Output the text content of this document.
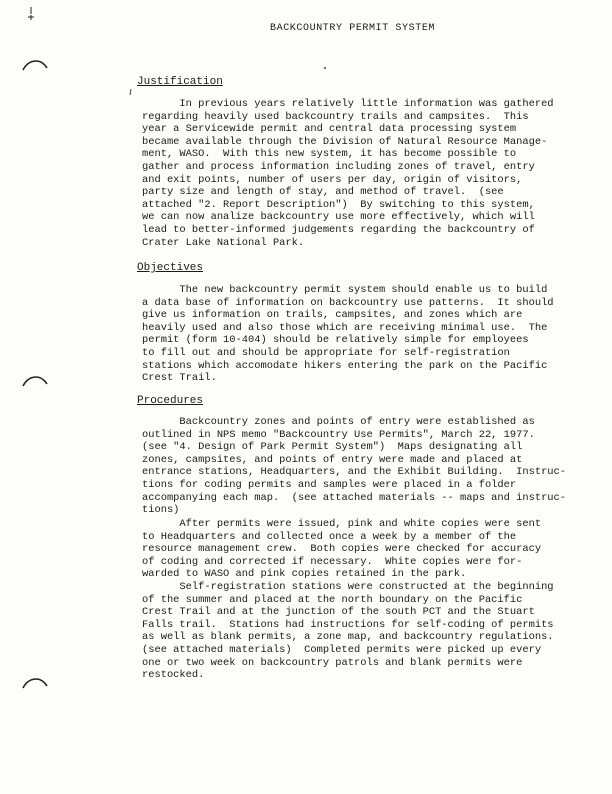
BACKCOUNTRY PERMIT SYSTEM
Justification

In previous years relatively little information was gathered
regarding heavily used backcountry trails and campsites.  This
year a Servicewide permit and central data processing system
became available through the Division of Natural Resource Manage-
ment, WASO.  With this new system, it has become possible to
gather and process information including zones of travel, entry
and exit points, number of users per day, origin of visitors,
party size and length of stay, and method of travel.  (see
attached "2. Report Description")  By switching to this system,
we can now analize backcountry use more effectively, which will
lead to better-informed judgements regarding the backcountry of
Crater Lake National Park.

Objectives

The new backcountry permit system should enable us to build
a data base of information on backcountry use patterns.  It should
give us information on trails, campsites, and zones which are
heavily used and also those which are receiving minimal use.  The
permit (form 10-404) should be relatively simple for employees
to fill out and should be appropriate for self-registration
stations which accomodate hikers entering the park on the Pacific
Crest Trail.

Procedures

Backcountry zones and points of entry were established as
outlined in NPS memo "Backcountry Use Permits", March 22, 1977.
(see "4. Design of Park Permit System")  Maps designating all
zones, campsites, and points of entry were made and placed at
entrance stations, Headquarters, and the Exhibit Building.  Instruc-
tions for coding permits and samples were placed in a folder
accompanying each map.  (see attached materials -- maps and instruc-
tions)

After permits were issued, pink and white copies were sent
to Headquarters and collected once a week by a member of the
resource management crew.  Both copies were checked for accuracy
of coding and corrected if necessary.  White copies were for-
warded to WASO and pink copies retained in the park.

Self-registration stations were constructed at the beginning
of the summer and placed at the north boundary on the Pacific
Crest Trail and at the junction of the south PCT and the Stuart
Falls trail.  Stations had instructions for self-coding of permits
as well as blank permits, a zone map, and backcountry regulations.
(see attached materials)  Completed permits were picked up every
one or two week on backcountry patrols and blank permits were
restocked.
